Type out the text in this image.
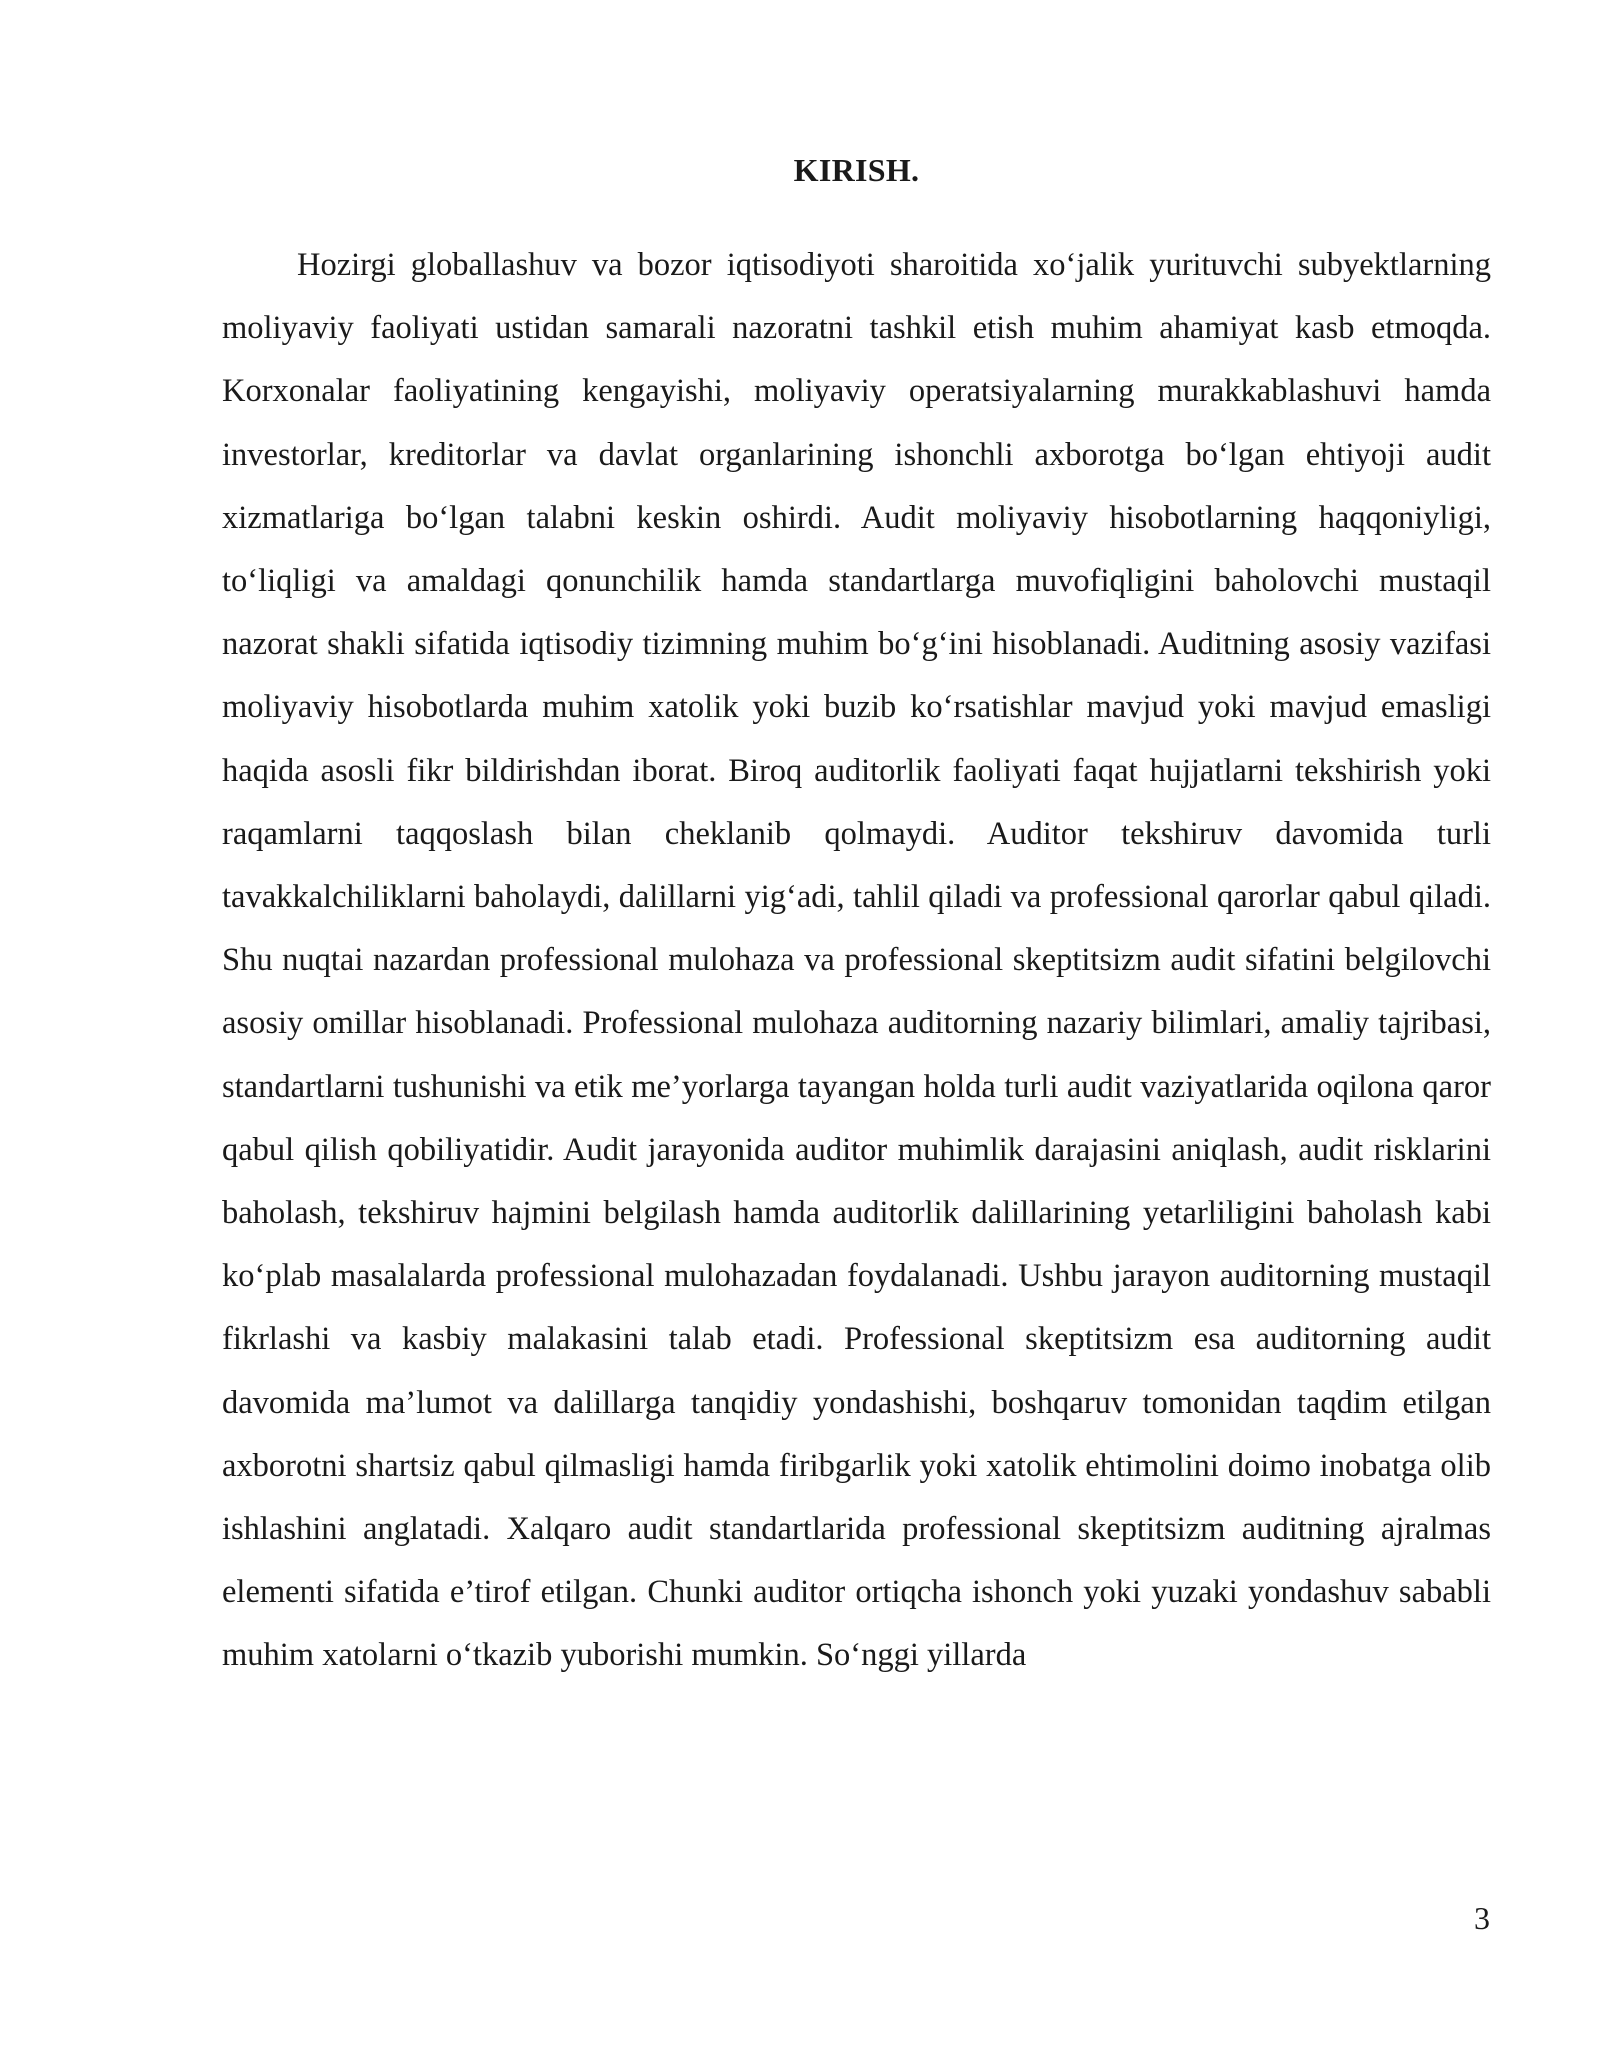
KIRISH.

Hozirgi globallashuv va bozor iqtisodiyoti sharoitida xo‘jalik yurituvchi subyektlarning moliyaviy faoliyati ustidan samarali nazoratni tashkil etish muhim ahamiyat kasb etmoqda. Korxonalar faoliyatining kengayishi, moliyaviy operatsiyalarning murakkablashuvi hamda investorlar, kreditorlar va davlat organlarining ishonchli axborotga bo‘lgan ehtiyoji audit xizmatlariga bo‘lgan talabni keskin oshirdi. Audit moliyaviy hisobotlarning haqqoniyligi, to‘liqligi va amaldagi qonunchilik hamda standartlarga muvofiqligini baholovchi mustaqil nazorat shakli sifatida iqtisodiy tizimning muhim bo‘g‘ini hisoblanadi. Auditning asosiy vazifasi moliyaviy hisobotlarda muhim xatolik yoki buzib ko‘rsatishlar mavjud yoki mavjud emasligi haqida asosli fikr bildirishdan iborat. Biroq auditorlik faoliyati faqat hujjatlarni tekshirish yoki raqamlarni taqqoslash bilan cheklanib qolmaydi. Auditor tekshiruv davomida turli tavakkalchiliklarni baholaydi, dalillarni yig‘adi, tahlil qiladi va professional qarorlar qabul qiladi. Shu nuqtai nazardan professional mulohaza va professional skeptitsizm audit sifatini belgilovchi asosiy omillar hisoblanadi. Professional mulohaza auditorning nazariy bilimlari, amaliy tajribasi, standartlarni tushunishi va etik me’yorlarga tayangan holda turli audit vaziyatlarida oqilona qaror qabul qilish qobiliyatidir. Audit jarayonida auditor muhimlik darajasini aniqlash, audit risklarini baholash, tekshiruv hajmini belgilash hamda auditorlik dalillarining yetarliligini baholash kabi ko‘plab masalalarda professional mulohazadan foydalanadi. Ushbu jarayon auditorning mustaqil fikrlashi va kasbiy malakasini talab etadi. Professional skeptitsizm esa auditorning audit davomida ma’lumot va dalillarga tanqidiy yondashishi, boshqaruv tomonidan taqdim etilgan axborotni shartsiz qabul qilmasligi hamda firibgarlik yoki xatolik ehtimolini doimo inobatga olib ishlashini anglatadi. Xalqaro audit standartlarida professional skeptitsizm auditning ajralmas elementi sifatida e’tirof etilgan. Chunki auditor ortiqcha ishonch yoki yuzaki yondashuv sababli muhim xatolarni o‘tkazib yuborishi mumkin. So‘nggi yillarda

3
